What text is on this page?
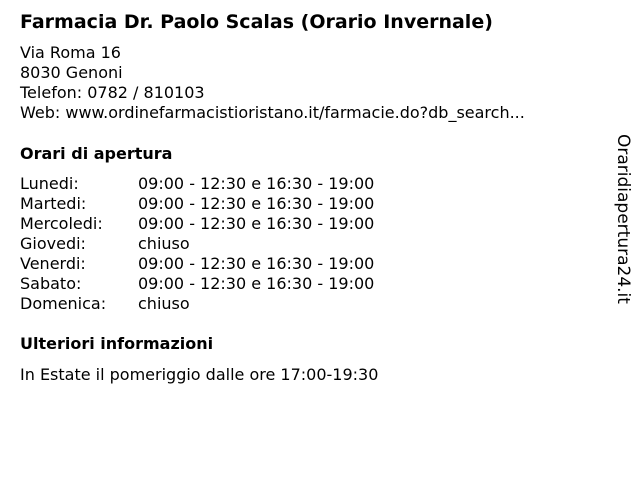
Farmacia Dr. Paolo Scalas (Orario Invernale)
Via Roma 16
8030 Genoni
Telefon: 0782 / 810103
Web: www.ordinefarmacistioristano.it/farmacie.do?db_search...
Orari di apertura
Lunedi:	09:00 - 12:30 e 16:30 - 19:00
Martedi:	09:00 - 12:30 e 16:30 - 19:00
Mercoledi: 09:00 - 12:30 e 16:30 - 19:00
Giovedi:	chiuso
Venerdi:	09:00 - 12:30 e 16:30 - 19:00
Sabato:	09:00 - 12:30 e 16:30 - 19:00
Domenica: chiuso
Ulteriori informazioni
In Estate il pomeriggio dalle ore 17:00-19:30
Oraridiapertura24.it
